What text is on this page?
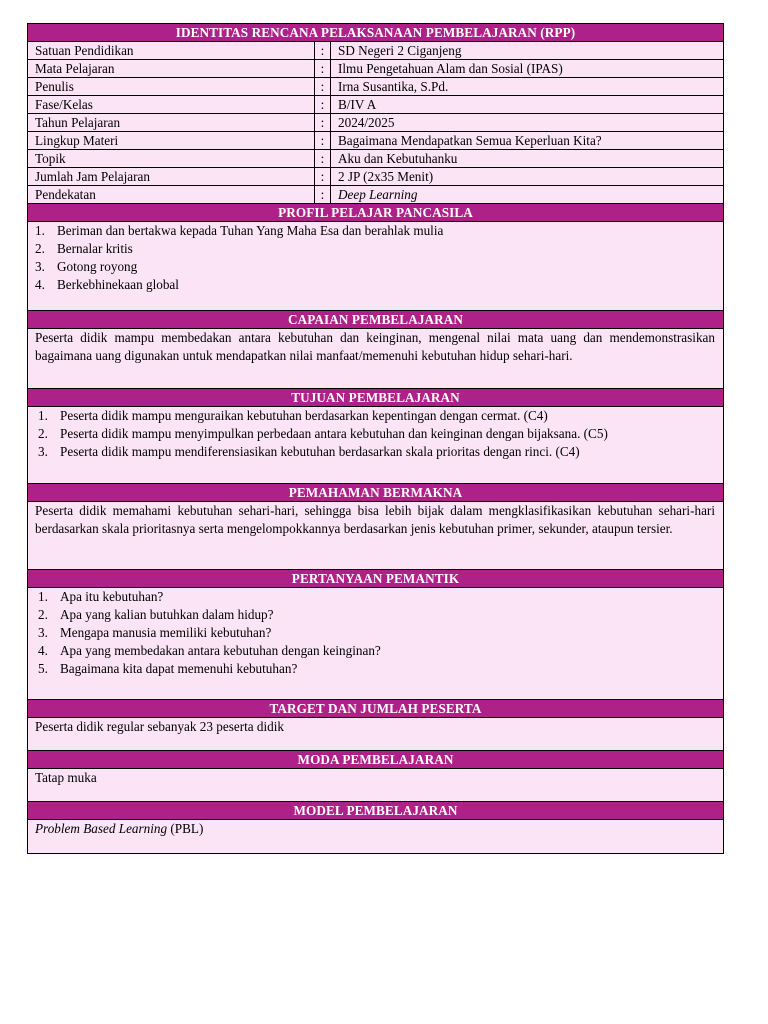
IDENTITAS RENCANA PELAKSANAAN PEMBELAJARAN (RPP)
Satuan Pendidikan	:	SD Negeri 2 Ciganjeng
Mata Pelajaran	:	Ilmu Pengetahuan Alam dan Sosial (IPAS)
Penulis	:	Irna Susantika, S.Pd.
Fase/Kelas	:	B/IV A
Tahun Pelajaran	:	2024/2025
Lingkup Materi	:	Bagaimana Mendapatkan Semua Keperluan Kita?
Topik	:	Aku dan Kebutuhanku
Jumlah Jam Pelajaran	:	2 JP (2x35 Menit)
Pendekatan	:	Deep Learning
PROFIL PELAJAR PANCASILA
1. Beriman dan bertakwa kepada Tuhan Yang Maha Esa dan berahlak mulia
2. Bernalar kritis
3. Gotong royong
4. Berkebhinekaan global
CAPAIAN PEMBELAJARAN

Peserta didik mampu membedakan antara kebutuhan dan keinginan, mengenal nilai mata uang dan mendemonstrasikan bagaimana uang digunakan untuk mendapatkan nilai manfaat/memenuhi kebutuhan hidup sehari-hari.

TUJUAN PEMBELAJARAN
1. Peserta didik mampu menguraikan kebutuhan berdasarkan kepentingan dengan cermat. (C4)
2. Peserta didik mampu menyimpulkan perbedaan antara kebutuhan dan keinginan dengan bijaksana. (C5)
3. Peserta didik mampu mendiferensiasikan kebutuhan berdasarkan skala prioritas dengan rinci. (C4)
PEMAHAMAN BERMAKNA

Peserta didik memahami kebutuhan sehari-hari, sehingga bisa lebih bijak dalam mengklasifikasikan kebutuhan sehari-hari berdasarkan skala prioritasnya serta mengelompokkannya berdasarkan jenis kebutuhan primer, sekunder, ataupun tersier.

PERTANYAAN PEMANTIK
1. Apa itu kebutuhan?
2. Apa yang kalian butuhkan dalam hidup?
3. Mengapa manusia memiliki kebutuhan?
4. Apa yang membedakan antara kebutuhan dengan keinginan?
5. Bagaimana kita dapat memenuhi kebutuhan?
TARGET DAN JUMLAH PESERTA

Peserta didik regular sebanyak 23 peserta didik

MODA PEMBELAJARAN

Tatap muka

MODEL PEMBELAJARAN

Problem Based Learning (PBL)
